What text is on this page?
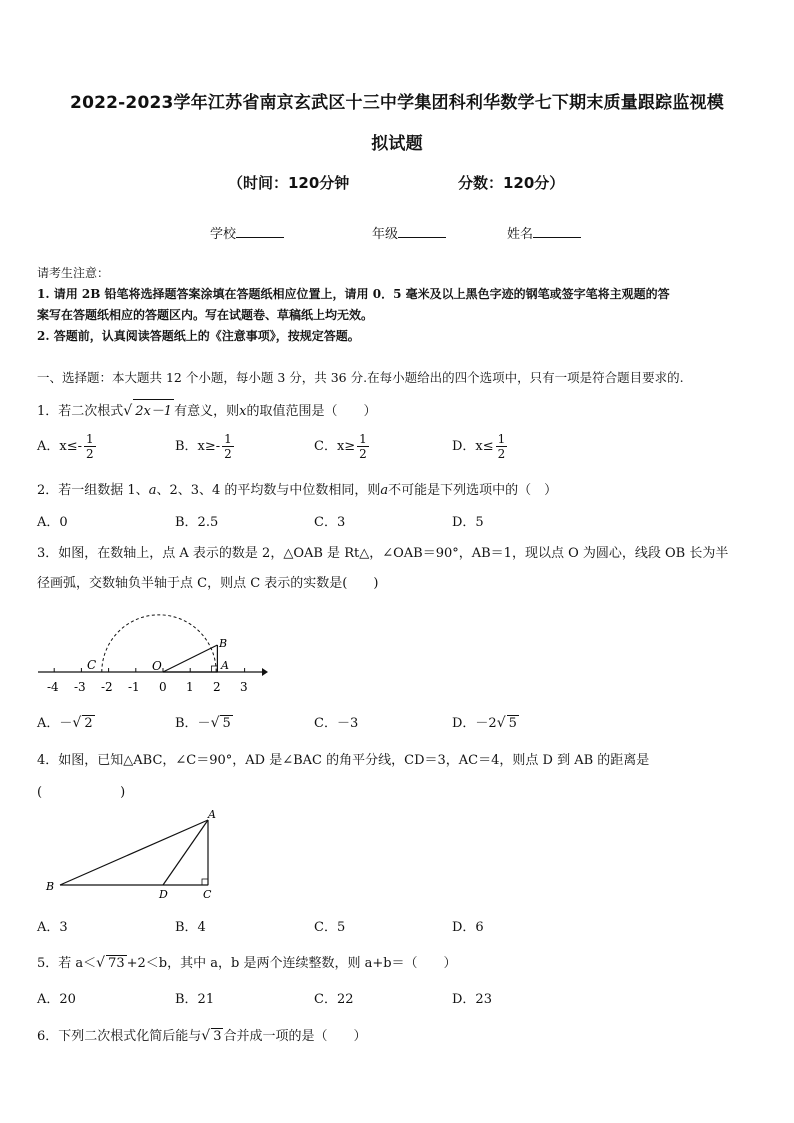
2022-2023学年江苏省南京玄武区十三中学集团科利华数学七下期末质量跟踪监视模
拟试题
（时间：120分钟	分数：120分）
学校	年级	姓名
请考生注意：
1. 请用 2B 铅笔将选择题答案涂填在答题纸相应位置上，请用 0．5 毫米及以上黑色字迹的钢笔或签字笔将主观题的答
案写在答题纸相应的答题区内。写在试题卷、草稿纸上均无效。
2. 答题前，认真阅读答题纸上的《注意事项》，按规定答题。
一、选择题：本大题共 12 个小题，每小题 3 分，共 36 分.在每小题给出的四个选项中，只有一项是符合题目要求的.
1．若二次根式√ 2x－1 有意义，则x的取值范围是（　　）
A．$x\le- \frac{1}{2}$	B．$x\ge- \frac{1}{2}$	C．$x\ge \frac{1}{2}$	D．$x\le \frac{1}{2}$
2．若一组数据 1、a、2、3、4 的平均数与中位数相同，则a不可能是下列选项中的（　）
A．0	B．2.5	C．3	D．5
3．如图，在数轴上，点 A 表示的数是 2，△OAB 是 Rt△，∠OAB＝90°，AB＝1，现以点 O 为圆心，线段 OB 长为半
径画弧，交数轴负半轴于点 C，则点 C 表示的实数是(　　)
C	O	A
B
-4 -3 -2 -1 0 1 2 3
A．－√ 2	B．－√ 5	C．－3	D．－2√ 5
4．如图，已知△ABC，∠C＝90°，AD 是∠BAC 的角平分线，CD＝3，AC＝4，则点 D 到 AB 的距离是
(　　　　　　)
A
B
C
D
A．3	B．4	C．5	D．6
5．若 a＜√ 73 +2＜b，其中 a，b 是两个连续整数，则 a+b＝（　　）
A．20	B．21	C．22	D．23
6．下列二次根式化简后能与√ 3 合并成一项的是（　　）
